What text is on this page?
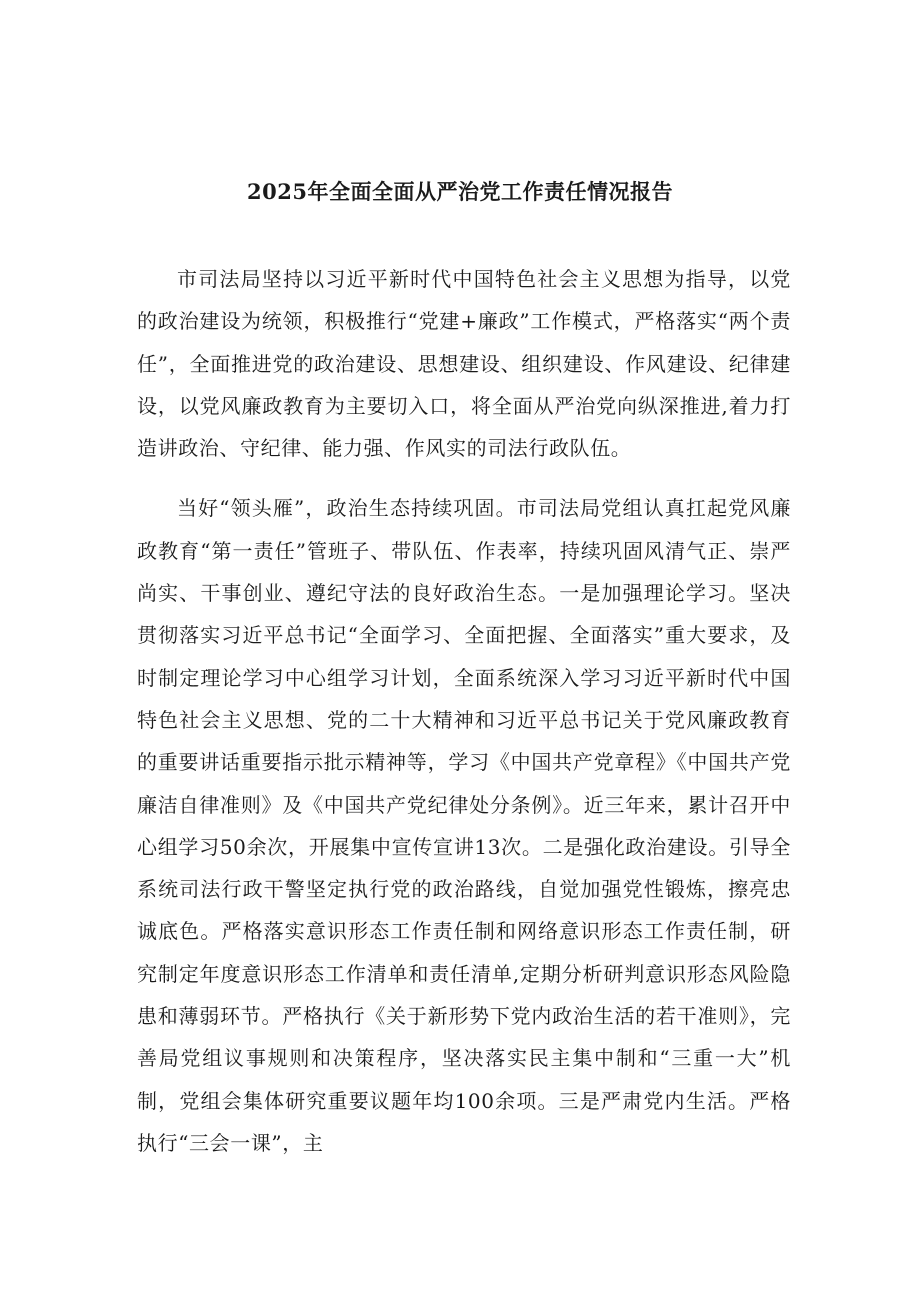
2025年全面全面从严治党工作责任情况报告

市司法局坚持以习近平新时代中国特色社会主义思想为指导，以党的政治建设为统领，积极推行“党建+廉政”工作模式，严格落实“两个责任”，全面推进党的政治建设、思想建设、组织建设、作风建设、纪律建设，以党风廉政教育为主要切入口，将全面从严治党向纵深推进,着力打造讲政治、守纪律、能力强、作风实的司法行政队伍。

当好“领头雁”，政治生态持续巩固。市司法局党组认真扛起党风廉政教育“第一责任”管班子、带队伍、作表率，持续巩固风清气正、崇严尚实、干事创业、遵纪守法的良好政治生态。一是加强理论学习。坚决贯彻落实习近平总书记“全面学习、全面把握、全面落实”重大要求，及时制定理论学习中心组学习计划，全面系统深入学习习近平新时代中国特色社会主义思想、党的二十大精神和习近平总书记关于党风廉政教育的重要讲话重要指示批示精神等，学习《中国共产党章程》《中国共产党廉洁自律准则》及《中国共产党纪律处分条例》。近三年来，累计召开中心组学习50余次，开展集中宣传宣讲13次。二是强化政治建设。引导全系统司法行政干警坚定执行党的政治路线，自觉加强党性锻炼，擦亮忠诚底色。严格落实意识形态工作责任制和网络意识形态工作责任制，研究制定年度意识形态工作清单和责任清单,定期分析研判意识形态风险隐患和薄弱环节。严格执行《关于新形势下党内政治生活的若干准则》，完善局党组议事规则和决策程序，坚决落实民主集中制和“三重一大”机制，党组会集体研究重要议题年均100余项。三是严肃党内生活。严格执行“三会一课”，主
